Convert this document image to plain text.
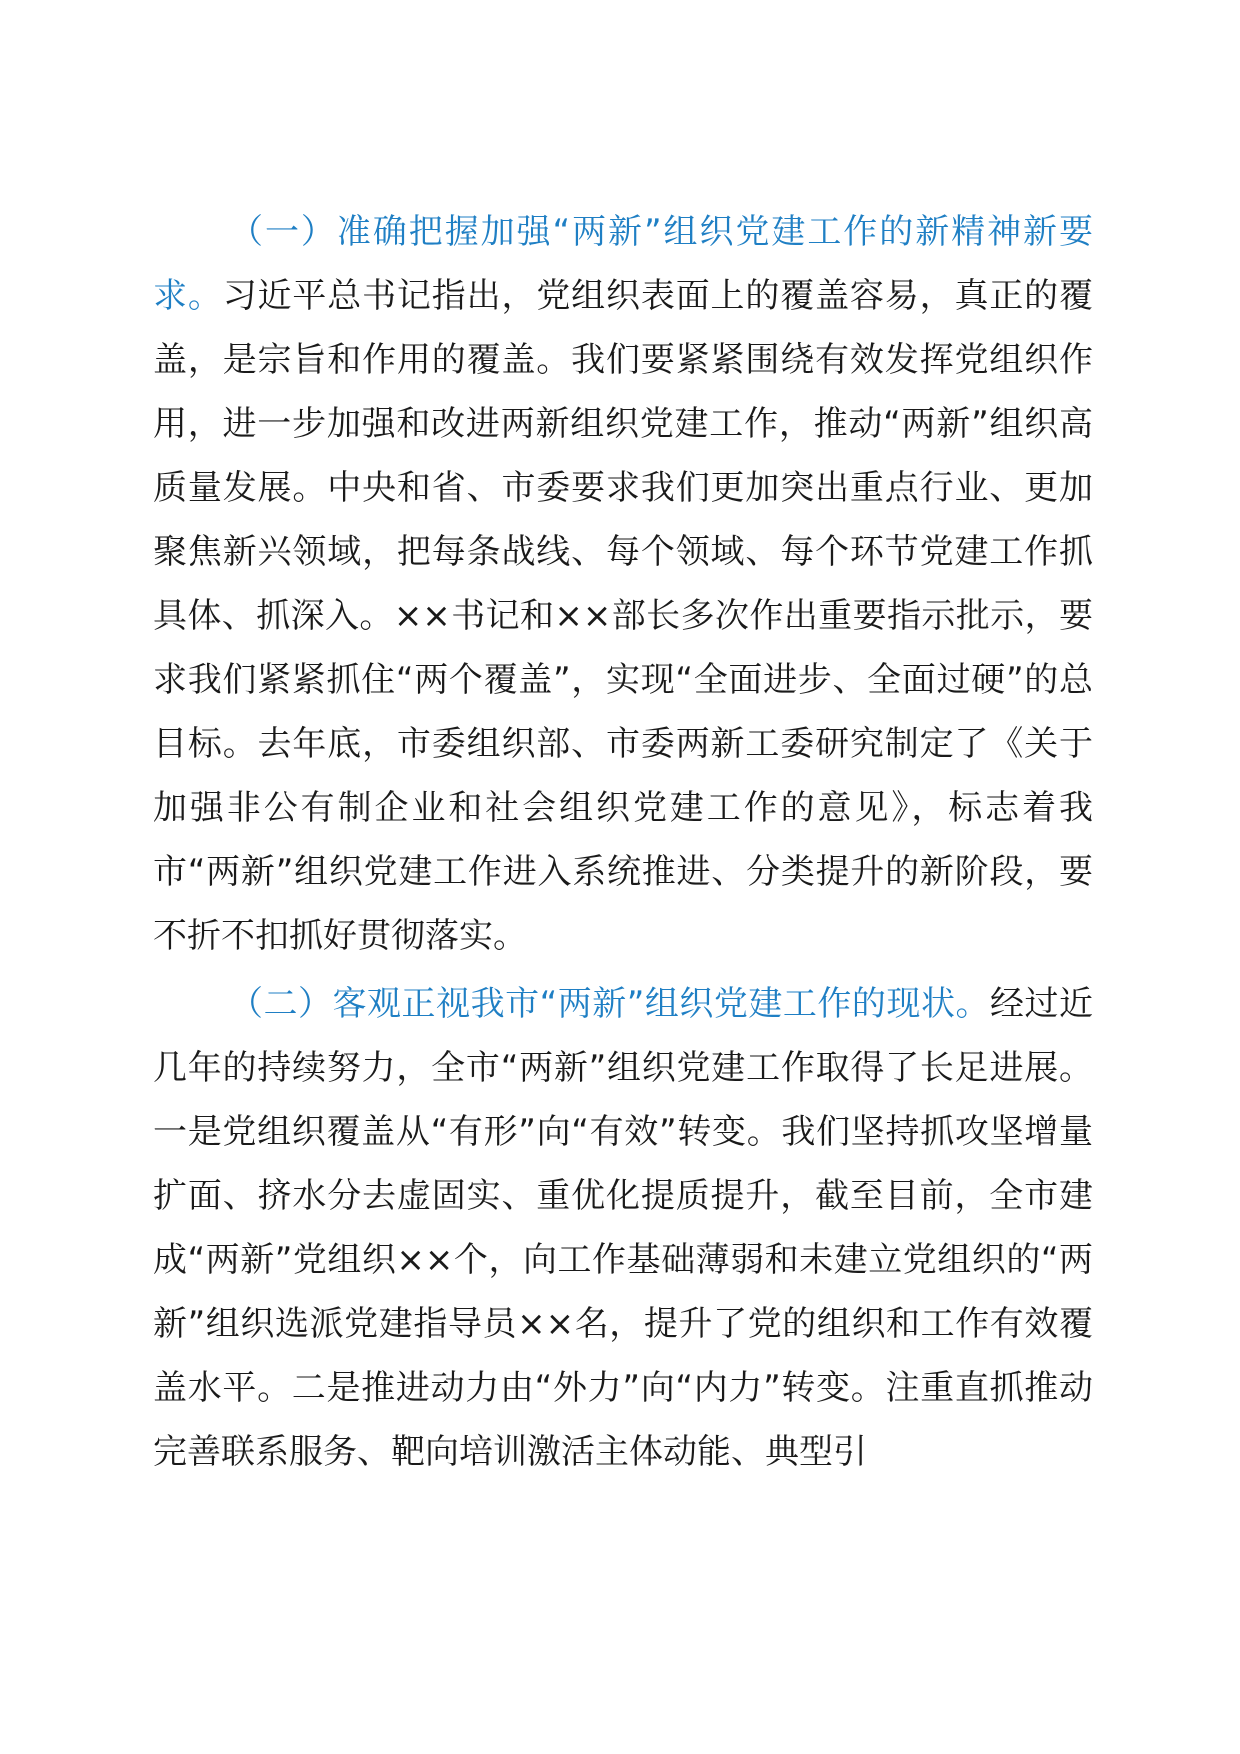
（一）准确把握加强“两新”组织党建工作的新精神新要求。习近平总书记指出，党组织表面上的覆盖容易，真正的覆盖，是宗旨和作用的覆盖。我们要紧紧围绕有效发挥党组织作用，进一步加强和改进两新组织党建工作，推动“两新”组织高质量发展。中央和省、市委要求我们更加突出重点行业、更加聚焦新兴领域，把每条战线、每个领域、每个环节党建工作抓具体、抓深入。××书记和××部长多次作出重要指示批示，要求我们紧紧抓住“两个覆盖”，实现“全面进步、全面过硬”的总目标。去年底，市委组织部、市委两新工委研究制定了《关于加强非公有制企业和社会组织党建工作的意见》，标志着我市“两新”组织党建工作进入系统推进、分类提升的新阶段，要不折不扣抓好贯彻落实。

（二）客观正视我市“两新”组织党建工作的现状。经过近几年的持续努力，全市“两新”组织党建工作取得了长足进展。一是党组织覆盖从“有形”向“有效”转变。我们坚持抓攻坚增量扩面、挤水分去虚固实、重优化提质提升，截至目前，全市建成“两新”党组织××个，向工作基础薄弱和未建立党组织的“两新”组织选派党建指导员××名，提升了党的组织和工作有效覆盖水平。二是推进动力由“外力”向“内力”转变。注重直抓推动完善联系服务、靶向培训激活主体动能、典型引
